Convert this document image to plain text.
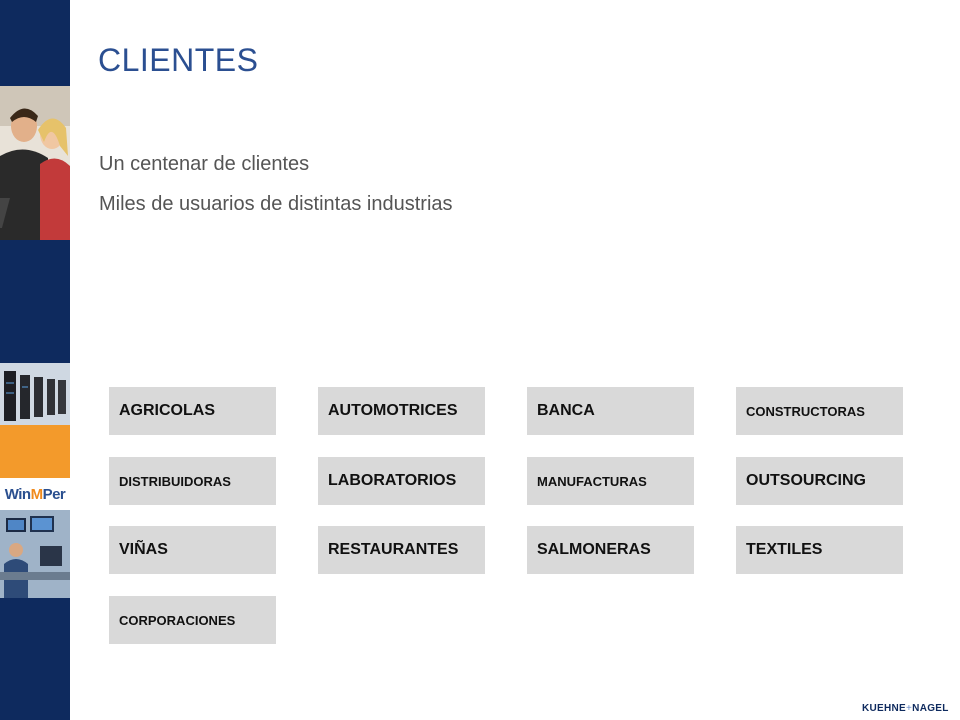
Win M Per
CLIENTES
Un centenar de clientes
Miles de usuarios de distintas industrias
AGRICOLAS	AUTOMOTRICES	BANCA	CONSTRUCTORAS
DISTRIBUIDORAS	LABORATORIOS	MANUFACTURAS	OUTSOURCING
VIÑAS	RESTAURANTES	SALMONERAS	TEXTILES
CORPORACIONES
KUEHNE+NAGEL
